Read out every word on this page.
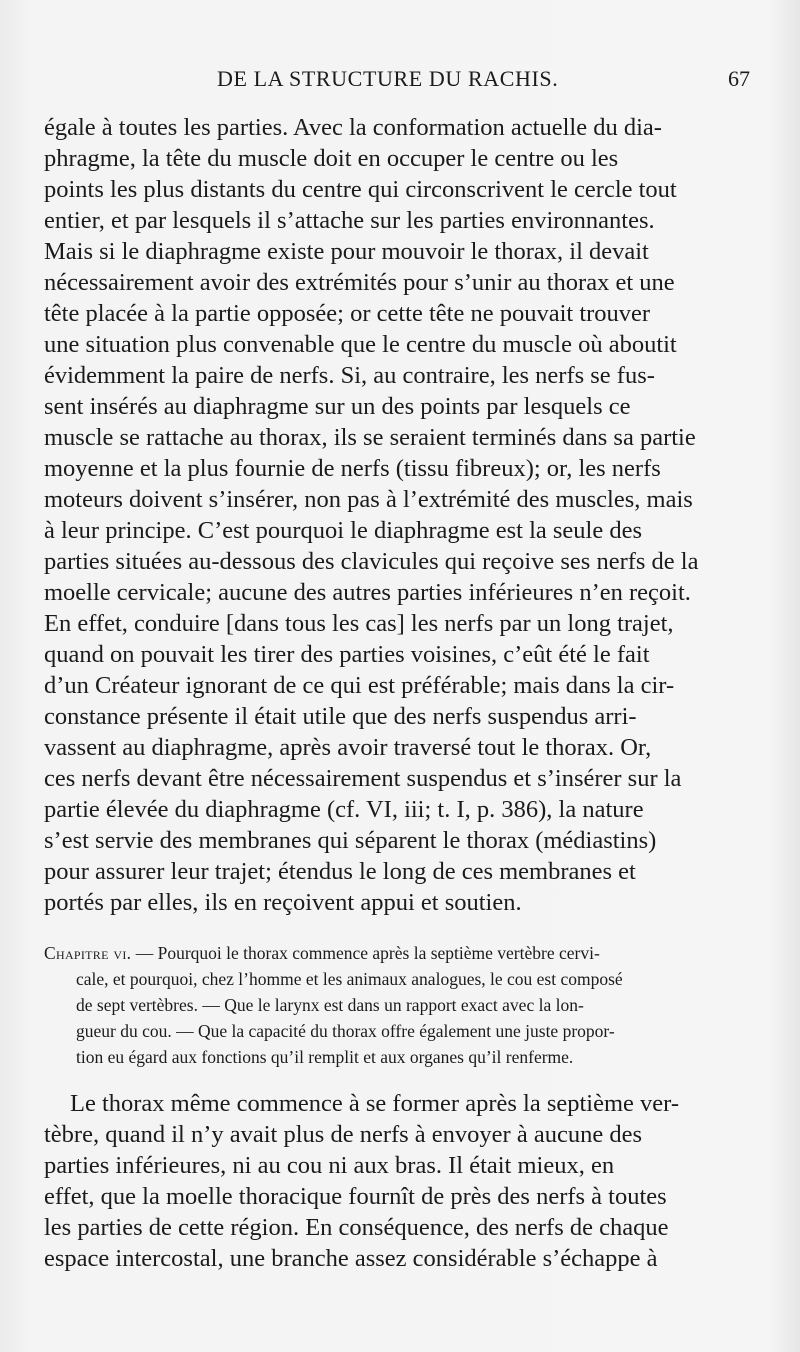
DE LA STRUCTURE DU RACHIS.	67
égale à toutes les parties. Avec la conformation actuelle du dia-
phragme, la tête du muscle doit en occuper le centre ou les
points les plus distants du centre qui circonscrivent le cercle tout
entier, et par lesquels il s’attache sur les parties environnantes.
Mais si le diaphragme existe pour mouvoir le thorax, il devait
nécessairement avoir des extrémités pour s’unir au thorax et une
tête placée à la partie opposée; or cette tête ne pouvait trouver
une situation plus convenable que le centre du muscle où aboutit
évidemment la paire de nerfs. Si, au contraire, les nerfs se fus-
sent insérés au diaphragme sur un des points par lesquels ce
muscle se rattache au thorax, ils se seraient terminés dans sa partie
moyenne et la plus fournie de nerfs (tissu fibreux); or, les nerfs
moteurs doivent s’insérer, non pas à l’extrémité des muscles, mais
à leur principe. C’est pourquoi le diaphragme est la seule des
parties situées au-dessous des clavicules qui reçoive ses nerfs de la
moelle cervicale; aucune des autres parties inférieures n’en reçoit.
En effet, conduire [dans tous les cas] les nerfs par un long trajet,
quand on pouvait les tirer des parties voisines, c’eût été le fait
d’un Créateur ignorant de ce qui est préférable; mais dans la cir-
constance présente il était utile que des nerfs suspendus arri-
vassent au diaphragme, après avoir traversé tout le thorax. Or,
ces nerfs devant être nécessairement suspendus et s’insérer sur la
partie élevée du diaphragme (cf. VI, iii; t. I, p. 386), la nature
s’est servie des membranes qui séparent le thorax (médiastins)
pour assurer leur trajet; étendus le long de ces membranes et
portés par elles, ils en reçoivent appui et soutien.
Chapitre vi. — Pourquoi le thorax commence après la septième vertèbre cervi-
cale, et pourquoi, chez l’homme et les animaux analogues, le cou est composé
de sept vertèbres. — Que le larynx est dans un rapport exact avec la lon-
gueur du cou. — Que la capacité du thorax offre également une juste propor-
tion eu égard aux fonctions qu’il remplit et aux organes qu’il renferme.
Le thorax même commence à se former après la septième ver-
tèbre, quand il n’y avait plus de nerfs à envoyer à aucune des
parties inférieures, ni au cou ni aux bras. Il était mieux, en
effet, que la moelle thoracique fournît de près des nerfs à toutes
les parties de cette région. En conséquence, des nerfs de chaque
espace intercostal, une branche assez considérable s’échappe à
